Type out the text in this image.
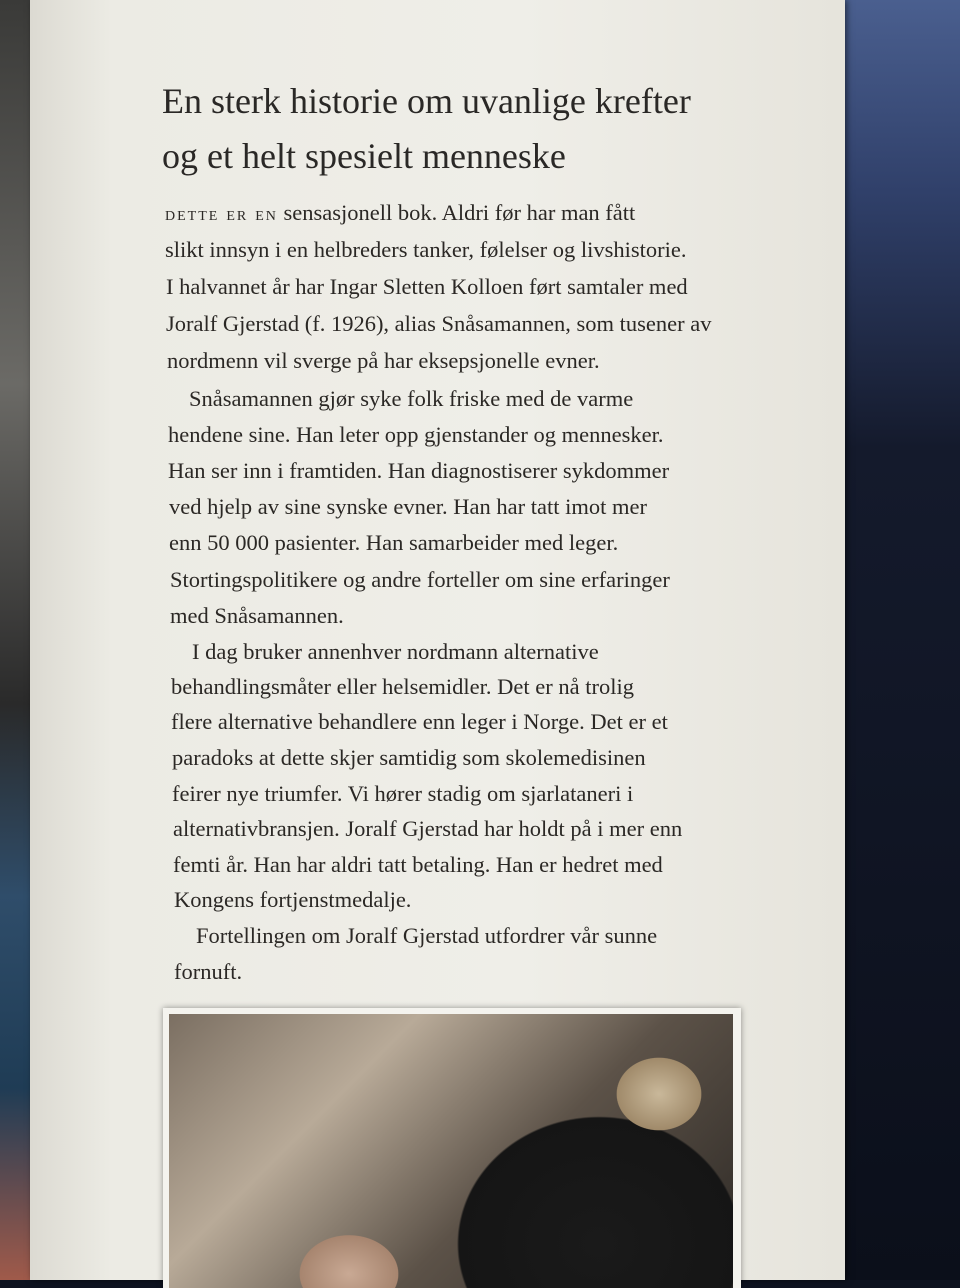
En sterk historie om uvanlige krefter
og et helt spesielt menneske
dette er en sensasjonell bok. Aldri før har man fått
slikt innsyn i en helbreders tanker, følelser og livshistorie.
I halvannet år har Ingar Sletten Kolloen ført samtaler med
Joralf Gjerstad (f. 1926), alias Snåsamannen, som tusener av
nordmenn vil sverge på har eksepsjonelle evner.
Snåsamannen gjør syke folk friske med de varme
hendene sine. Han leter opp gjenstander og mennesker.
Han ser inn i framtiden. Han diagnostiserer sykdommer
ved hjelp av sine synske evner. Han har tatt imot mer
enn 50 000 pasienter. Han samarbeider med leger.
Stortingspolitikere og andre forteller om sine erfaringer
med Snåsamannen.
I dag bruker annenhver nordmann alternative
behandlingsmåter eller helsemidler. Det er nå trolig
flere alternative behandlere enn leger i Norge. Det er et
paradoks at dette skjer samtidig som skolemedisinen
feirer nye triumfer. Vi hører stadig om sjarlataneri i
alternativbransjen. Joralf Gjerstad har holdt på i mer enn
femti år. Han har aldri tatt betaling. Han er hedret med
Kongens fortjenstmedalje.
Fortellingen om Joralf Gjerstad utfordrer vår sunne
fornuft.
